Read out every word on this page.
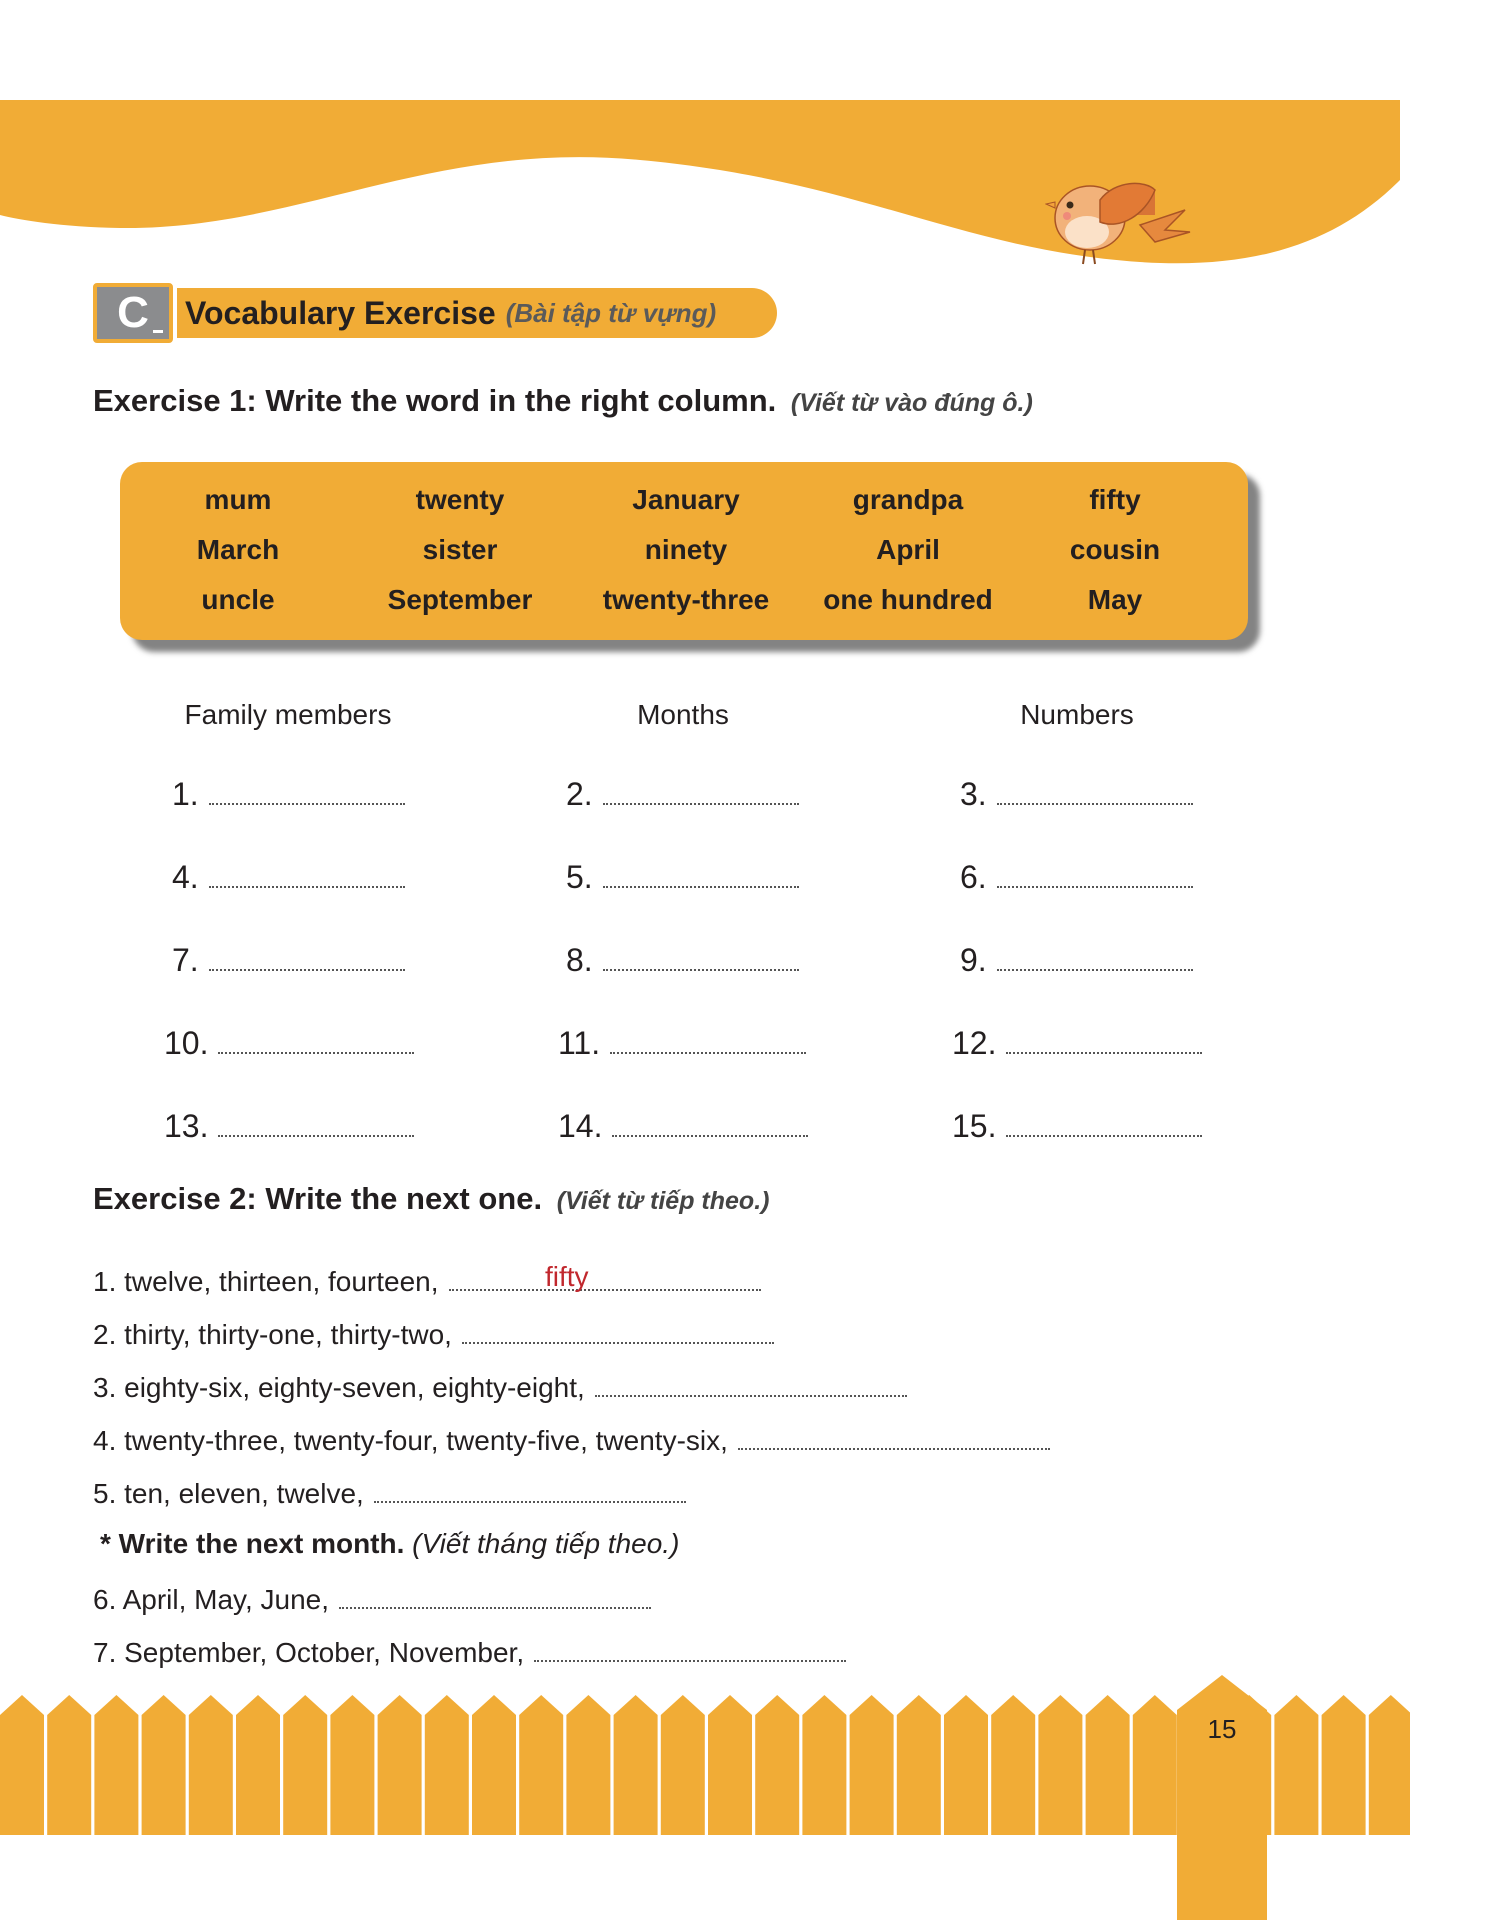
C	Vocabulary Exercise (Bài tập từ vựng)
Exercise 1: Write the word in the right column. (Viết từ vào đúng ô.)
mum	twenty	January	grandpa	fifty
March	sister	ninety	April	cousin
uncle	September	twenty-three	one hundred	May
Family members	Months	Numbers
1.	2.	3.
4.	5.	6.
7.	8.	9.
10.	11.	12.
13.	14.	15.
Exercise 2: Write the next one. (Viết từ tiếp theo.)
1. twelve, thirteen, fourteen,	fifty
2. thirty, thirty-one, thirty-two,
3. eighty-six, eighty-seven, eighty-eight,
4. twenty-three, twenty-four, twenty-five, twenty-six,
5. ten, eleven, twelve,
* Write the next month. (Viết tháng tiếp theo.)
6. April, May, June,
7. September, October, November,
15
